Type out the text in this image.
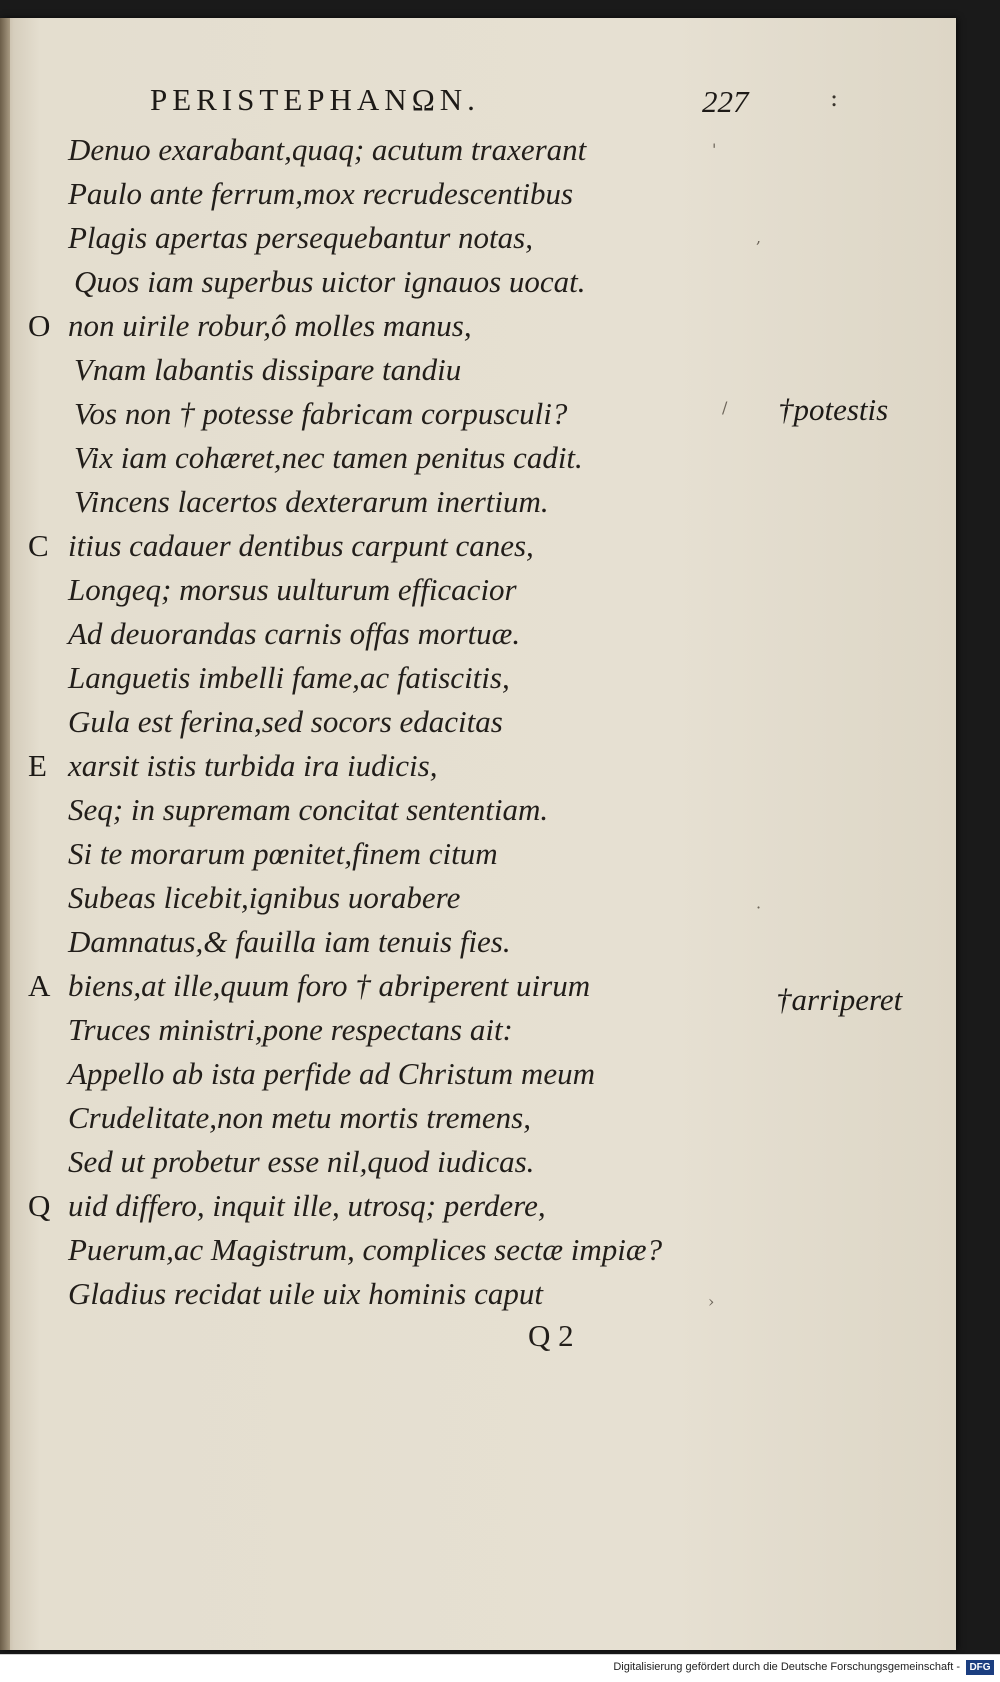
PERISTEPHANΩN.	227	:
Denuo exarabant,quaq; acutum traxerant
Paulo ante ferrum,mox recrudescentibus
Plagis apertas persequebantur notas,
Quos iam superbus uictor ignauos uocat.
O non uirile robur,ô molles manus,
Vnam labantis dissipare tandiu
Vos non † potesse fabricam corpusculi?
Vix iam cohæret,nec tamen penitus cadit.
Vincens lacertos dexterarum inertium.
C itius cadauer dentibus carpunt canes,
Longeq; morsus uulturum efficacior
Ad deuorandas carnis offas mortuæ.
Languetis imbelli fame,ac fatiscitis,
Gula est ferina,sed socors edacitas
E xarsit istis turbida ira iudicis,
Seq; in supremam concitat sententiam.
Si te morarum pœnitet,finem citum
Subeas licebit,ignibus uorabere
Damnatus,& fauilla iam tenuis fies.
A biens,at ille,quum foro † abriperent uirum
Truces ministri,pone respectans ait:
Appello ab ista perfide ad Christum meum
Crudelitate,non metu mortis tremens,
Sed ut probetur esse nil,quod iudicas.
Q uid differo, inquit ille, utrosq; perdere,
Puerum,ac Magistrum, complices sectæ impiæ?
Gladius recidat uile uix hominis caput
Q 2
†potestis
†arriperet
'
,
/
·
›
Digitalisierung gefördert durch die Deutsche Forschungsgemeinschaft - DFG
